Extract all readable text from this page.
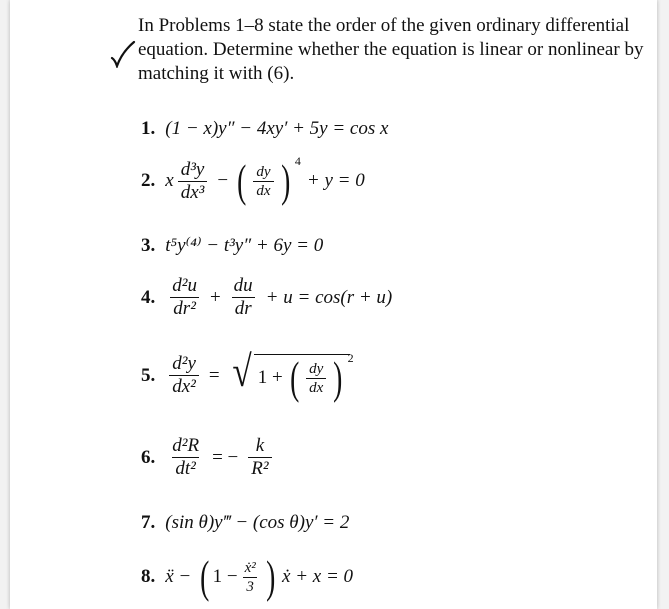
In Problems 1–8 state the order of the given ordinary differential equation. Determine whether the equation is linear or nonlinear by matching it with (6).
1. (1 − x)y″ − 4xy′ + 5y = cos x
2. x $\frac{\text{d³y}}{\text{dx³}}$ − ( $\frac{dy}{dx}$ ) 4
+ y = 0
3. t⁵y⁽⁴⁾ − t³y″ + 6y = 0
4. $\frac{\text{d²u}}{\text{dr²}} + \frac{du}{dr} + u = \cos(r + u)$
5. $\frac{\text{d²y}}{\text{dx²}}$ = √ 1 + ( $\frac{dy}{dx}$ ) 2
6. $\frac{\text{d²R}}{\text{dt²}}$ = − $\frac{k}{\text{R²}}$
7. (sin θ)y‴ − (cos θ)y′ = 2
8. ẍ − ( $1 - \frac{\text{ẋ²}}{3}$ ) ẋ + x = 0
